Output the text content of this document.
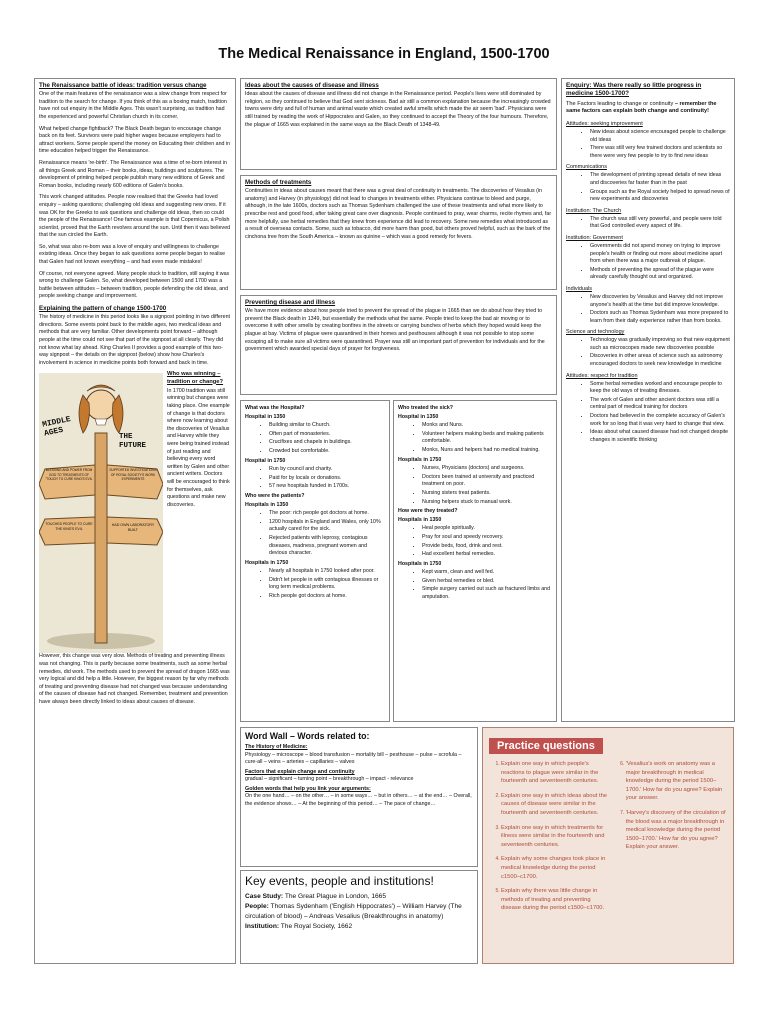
The Medical Renaissance in England, 1500-1700
The Renaissance battle of ideas: tradition versus change
One of the main features of the renaissance was a slow change from respect for tradition to the search for change. If you think of this as a boxing match, tradition have not out enquiry in the Middle Ages. This wasn't surprising, as tradition had the experienced and powerful Christian church in its corner.
What helped change fightback? The Black Death began to encourage change back on its feet. Survivors were paid higher wages because employers had to attract workers. Some people spend the money on Educating their children and in time education helped trigger the Renaissance.
Renaissance means 're-birth'. The Renaissance was a time of re-born interest in all things Greek and Roman – their books, ideas, buildings and sculptures. The development of printing helped people publish many new editions of Greek and Roman books, including nearly 600 editions of Galen's books.
This work changed attitudes. People now realised that the Greeks had loved enquiry – asking questions; challenging old ideas and suggesting new ones. If it was OK for the Greeks to ask questions and challenge old ideas, then so could the people of the Renaissance! One famous example is that Copernicus, a Polish scientist, proved that the Earth revolves around the sun. Until then it was believed that the sun circled the Earth.
So, what was also re-born was a love of enquiry and willingness to challenge existing ideas. Once they began to ask questions some people began to realise that Galen had not known everything – and had even made mistakes!
Of course, not everyone agreed. Many people stuck to tradition, still saying it was wrong to challenge Galen. So, what developed between 1500 and 1700 was a battle between attitudes – between tradition, people defending the old ideas, and people seeking change and improvement.
Explaining the pattern of change 1500-1700
The history of medicine in this period looks like a signpost pointing in two different directions. Some events point back to the middle ages, two medical ideas and methods that are very familiar. Other developments point forward – although people at the time could not see that part of the signpost at all clearly. They did not know what lay ahead. King Charles II provides a good example of this two-way signpost – the details on the signpost (below) show how Charles's involvement in science in medicine points both forward and back in time.
MIDDLE AGES	THE FUTURE
BLESSING AND POWER FROM GOD TO TREATMENTS OF 'TOUCH' TO CURE KING'S EVIL
SUPPORTED INVESTIGATIONS OF ROYAL SOCIETY'S WORK EXPERIMENTS
TOUCHED PEOPLE TO CURE THE KING'S EVIL
HAD OWN LABORATORY BUILT
Who was winning – tradition or change?
In 1700 tradition was still winning but changes were taking place. One example of change is that doctors where now learning about the discoveries of Vesalius and Harvey while they were being trained instead of just reading and believing every word written by Galen and other ancient writers. Doctors will be encouraged to think for themselves, ask questions and make new discoveries.
However, this change was very slow. Methods of treating and preventing illness was not changing. This is partly because some treatments, such as some herbal remedies, did work. The methods used to prevent the spread of dragon 1665 was very logical and did help a little. However, the biggest reason by far why methods of treating and preventing disease had not changed was because understanding of the causes of disease had not changed. Remember, treatment and prevention have always been directly linked to ideas about causes of disease.
Ideas about the causes of disease and illness
Ideas about the causes of disease and illness did not change in the Renaissance period. People's lives were still dominated by religion, so they continued to believe that God sent sickness. Bad air still a common explanation because the increasingly crowded towns were dirty and full of human and animal waste which created awful smells which made the air seem 'bad'. Physicians were still trained by reading the work of Hippocrates and Galen, so they continued to accept the Theory of the four humours. Therefore, the plague of 1665 was explained in the same ways as the Black Death of 1348-49.
Methods of treatments
Continuities in ideas about causes meant that there was a great deal of continuity in treatments. The discoveries of Vesalius (in anatomy) and Harvey (in physiology) did not lead to changes in treatments either. Physicians continue to bleed and purge, although, in the late 1600s, doctors such as Thomas Sydenham challenged the use of these treatments and what more likely to prescribe rest and good food, after taking great care over diagnosis. People continued to pray, wear charms, recite rhymes and, far more helpfully, use herbal remedies that they knew from experience did lead to recovery. Some new remedies what introduced as a result of overseas contacts. Some, such as tobacco, did more harm than good, but others proved helpful, such as the bark of the cinchona tree from the South America – known as quinine – which was a good remedy for fevers.
Preventing disease and illness
We have more evidence about how people tried to prevent the spread of the plague in 1665 than we do about how they tried to prevent the Black death in 1349, but essentially the methods what the same. People tried to keep the bad air moving or to overcome it with other smells by creating bonfires in the streets or carrying bunches of herbs which they hoped would keep the plague at bay. Victims of plague were quarantined in their homes and pesthouses although it was not possible to stop some escaping all to make sure all victims were quarantined. Prayer was still an important part of prevention for individuals and for the government which awarded special days of prayer for forgiveness.
What was the Hospital?
Hospital in 1350
• Building similar to Church.
• Often part of monasteries.
• Crucifixes and chapels in buildings.
• Crowded but comfortable.
Hospital in 1750
• Run by council and charity.
• Paid for by locals or donations.
• 57 new hospitals funded in 1700s.
Who were the patients?
Hospitals in 1350
• The poor: rich people got doctors at home.
• 1200 hospitals in England and Wales, only 10% actually cared for the sick.
• Rejected patients with leprosy, contagious diseases, madness, pregnant women and devious character.
Hospitals in 1750
• Nearly all hospitals in 1750 looked after poor.
• Didn't let people in with contagious illnesses or long term medical problems.
• Rich people got doctors at home.
Who treated the sick?
Hospital in 1350
• Monks and Nuns.
• Volunteer helpers making beds and making patients comfortable.
• Monks, Nuns and helpers had no medical training.
Hospitals in 1750
• Nurses, Physicians (doctors) and surgeons.
• Doctors been trained at university and practiced treatment on poor.
• Nursing sisters treat patients.
• Nursing helpers stuck to manual work.
How were they treated?
Hospitals in 1350
• Heal people spiritually.
• Pray for soul and speedy recovery.
• Provide beds, food, drink and rest.
• Had excellent herbal remedies.
Hospitals in 1750
• Kept warm, clean and well fed.
• Given herbal remedies or bled.
• Simple surgery carried out such as fractured limbs and amputation.
Word Wall – Words related to:
The History of Medicine:
Physiology – microscope – blood transfusion – mortality bill – pesthouse – pulse – scrofula – cure-all – veins – arteries – capillaries – valves
Factors that explain change and continuity
gradual – significant – turning point – breakthrough – impact - relevance
Golden words that help you link your arguments:
On the one hand… – on the other… – in some ways… – but in others… – at the end… – Overall, the evidence shows… – At the beginning of this period… – The pace of change…
Key events, people and institutions!
Case Study: The Great Plague in London, 1665
People: Thomas Sydenham ('English Hippocrates') – William Harvey (The circulation of blood) – Andreas Vesalius (Breakthroughs in anatomy)
Institution: The Royal Society, 1662
Practice questions
1. Explain one way in which people's reactions to plague were similar in the fourteenth and seventeenth centuries.
2. Explain one way in which ideas about the causes of disease were similar in the fourteenth and seventeenth centuries.
3. Explain one way in which treatments for illness were similar in the fourteenth and seventeenth centuries.
4. Explain why some changes took place in medical knowledge during the period c1500–c1700.
5. Explain why there was little change in methods of treating and preventing disease during the period c1500–c1700.
6. 'Vesalius's work on anatomy was a major breakthrough in medical knowledge during the period 1500–1700.' How far do you agree? Explain your answer.
7. 'Harvey's discovery of the circulation of the blood was a major breakthrough in medical knowledge during the period 1500–1700.' How far do you agree? Explain your answer.
Enquiry: Was there really so little progress in medicine 1500-1700?
The Factors leading to change or continuity – remember the same factors can explain both change and continuity!
Attitudes: seeking improvement
• New ideas about science encouraged people to challenge old ideas
• There was still very few trained doctors and scientists so there were very few people to try to find new ideas
Communications
• The development of printing spread details of new ideas and discoveries far faster than in the past
• Groups such as the Royal society helped to spread news of new experiments and discoveries
Institution: The Church
• The church was still very powerful, and people were told that God controlled every aspect of life.
Institution: Government
• Governments did not spend money on trying to improve people's health or finding out more about medicine apart from when there was a major outbreak of plague.
• Methods of preventing the spread of the plague were already carefully thought out and organized.
Individuals
• New discoveries by Vesalius and Harvey did not improve anyone's health at the time but did improve knowledge.
• Doctors such as Thomas Sydenham was more prepared to learn from their daily experience rather than from books.
Science and technology
• Technology was gradually improving so that new equipment such as microscopes made new discoveries possible
• Discoveries in other areas of science such as astronomy encouraged doctors to seek new knowledge in medicine
Attitudes: respect for tradition
• Some herbal remedies worked and encourage people to keep the old ways of treating illnesses.
• The work of Galen and other ancient doctors was still a central part of medical training for doctors
• Doctors had believed in the complete accuracy of Galen's work for so long that it was very hard to change that view.
• Ideas about what caused disease had not changed despite changes in scientific thinking
